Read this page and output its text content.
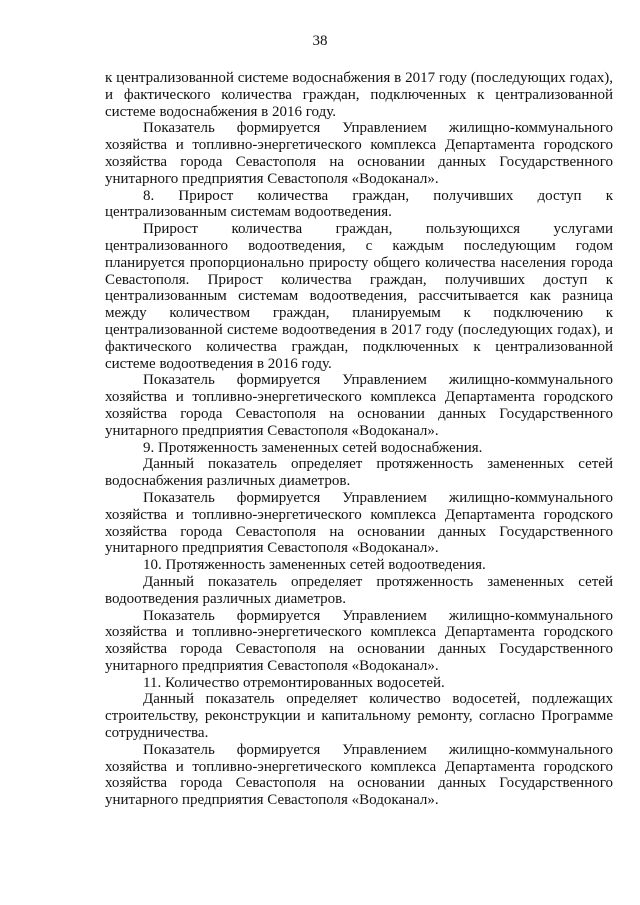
38

к централизованной системе водоснабжения в 2017 году (последующих годах), и фактического количества граждан, подключенных к централизованной системе водоснабжения в 2016 году.

Показатель формируется Управлением жилищно-коммунального хозяйства и топливно-энергетического комплекса Департамента городского хозяйства города Севастополя на основании данных Государственного унитарного предприятия Севастополя «Водоканал».

8. Прирост количества граждан, получивших доступ к централизованным системам водоотведения.

Прирост количества граждан, пользующихся услугами централизованного водоотведения, с каждым последующим годом планируется пропорционально приросту общего количества населения города Севастополя. Прирост количества граждан, получивших доступ к централизованным системам водоотведения, рассчитывается как разница между количеством граждан, планируемым к подключению к централизованной системе водоотведения в 2017 году (последующих годах), и фактического количества граждан, подключенных к централизованной системе водоотведения в 2016 году.

Показатель формируется Управлением жилищно-коммунального хозяйства и топливно-энергетического комплекса Департамента городского хозяйства города Севастополя на основании данных Государственного унитарного предприятия Севастополя «Водоканал».

9. Протяженность замененных сетей водоснабжения.

Данный показатель определяет протяженность замененных сетей водоснабжения различных диаметров.

Показатель формируется Управлением жилищно-коммунального хозяйства и топливно-энергетического комплекса Департамента городского хозяйства города Севастополя на основании данных Государственного унитарного предприятия Севастополя «Водоканал».

10. Протяженность замененных сетей водоотведения.

Данный показатель определяет протяженность замененных сетей водоотведения различных диаметров.

Показатель формируется Управлением жилищно-коммунального хозяйства и топливно-энергетического комплекса Департамента городского хозяйства города Севастополя на основании данных Государственного унитарного предприятия Севастополя «Водоканал».

11. Количество отремонтированных водосетей.

Данный показатель определяет количество водосетей, подлежащих строительству, реконструкции и капитальному ремонту, согласно Программе сотрудничества.

Показатель формируется Управлением жилищно-коммунального хозяйства и топливно-энергетического комплекса Департамента городского хозяйства города Севастополя на основании данных Государственного унитарного предприятия Севастополя «Водоканал».
